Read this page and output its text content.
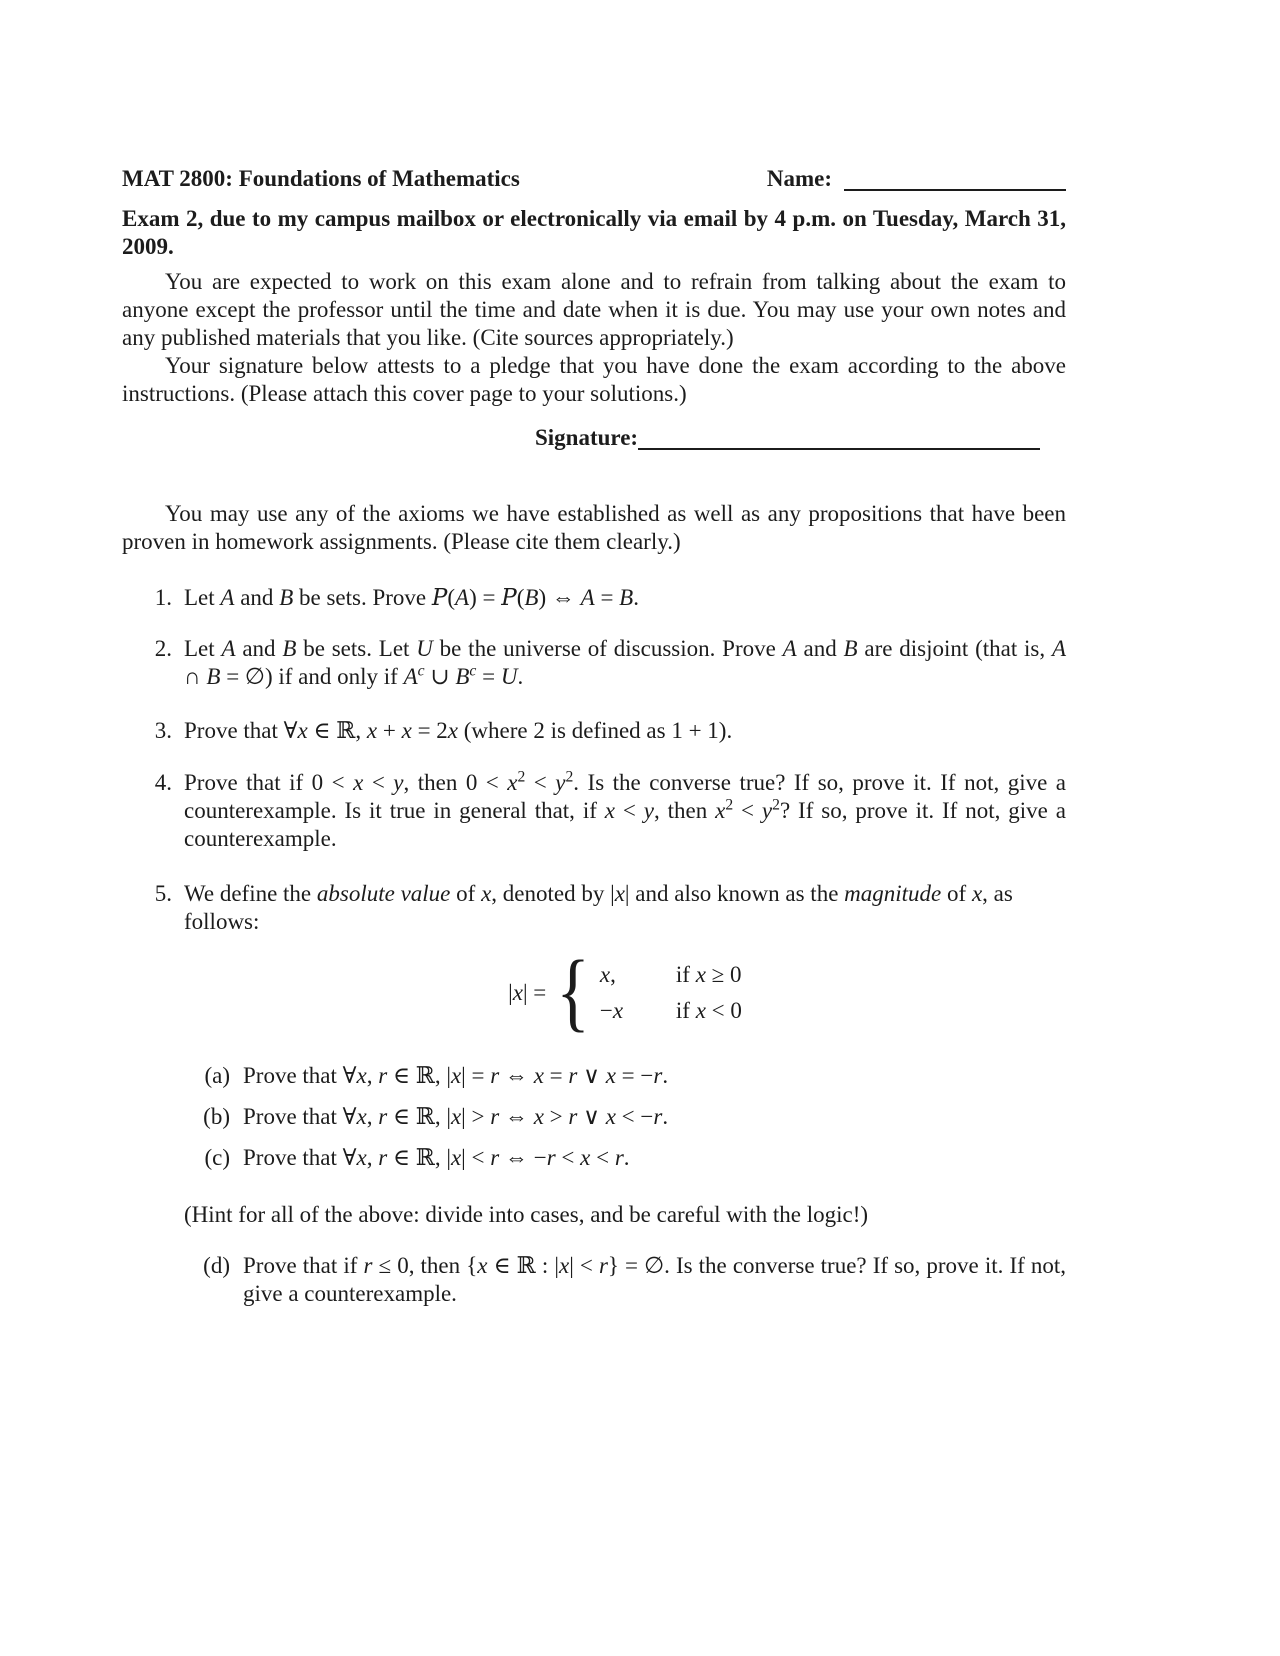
MAT 2800: Foundations of Mathematics	Name:

Exam 2, due to my campus mailbox or electronically via email by 4 p.m. on Tuesday, March 31, 2009.

You are expected to work on this exam alone and to refrain from talking about the exam to anyone except the professor until the time and date when it is due. You may use your own notes and any published materials that you like. (Cite sources appropriately.)

Your signature below attests to a pledge that you have done the exam according to the above instructions. (Please attach this cover page to your solutions.)

Signature:

You may use any of the axioms we have established as well as any propositions that have been proven in homework assignments. (Please cite them clearly.)

1. Let A and B be sets. Prove P(A) = P(B) ⇔ A = B.
2. Let A and B be sets. Let U be the universe of discussion. Prove A and B are disjoint (that is, A ∩ B = ∅) if and only if $A^c$ ∪ $B^c = U$.
3. Prove that ∀x ∈ ℝ, x + x = 2x (where 2 is defined as 1 + 1).
4. Prove that if 0 < x < y, then $0 < x^2 < y^2$. Is the converse true? If so, prove it. If not, give a counterexample. Is it true in general that, if x < y, then $x^2 < y^2$? If so, prove it. If not, give a counterexample.
5. We define the absolute value of x, denoted by |x| and also known as the magnitude of x, as follows:
|x| = { x,	if x ≥ 0
−x	if x < 0
(a) Prove that ∀x, r ∈ ℝ, |x| = r ⇔ x = r ∨ x = −r.
(b) Prove that ∀x, r ∈ ℝ, |x| > r ⇔ x > r ∨ x < −r.
(c) Prove that ∀x, r ∈ ℝ, |x| < r ⇔ −r < x < r.

(Hint for all of the above: divide into cases, and be careful with the logic!)

(d) Prove that if r ≤ 0, then {x ∈ ℝ : |x| < r} = ∅. Is the converse true? If so, prove it. If not, give a counterexample.
